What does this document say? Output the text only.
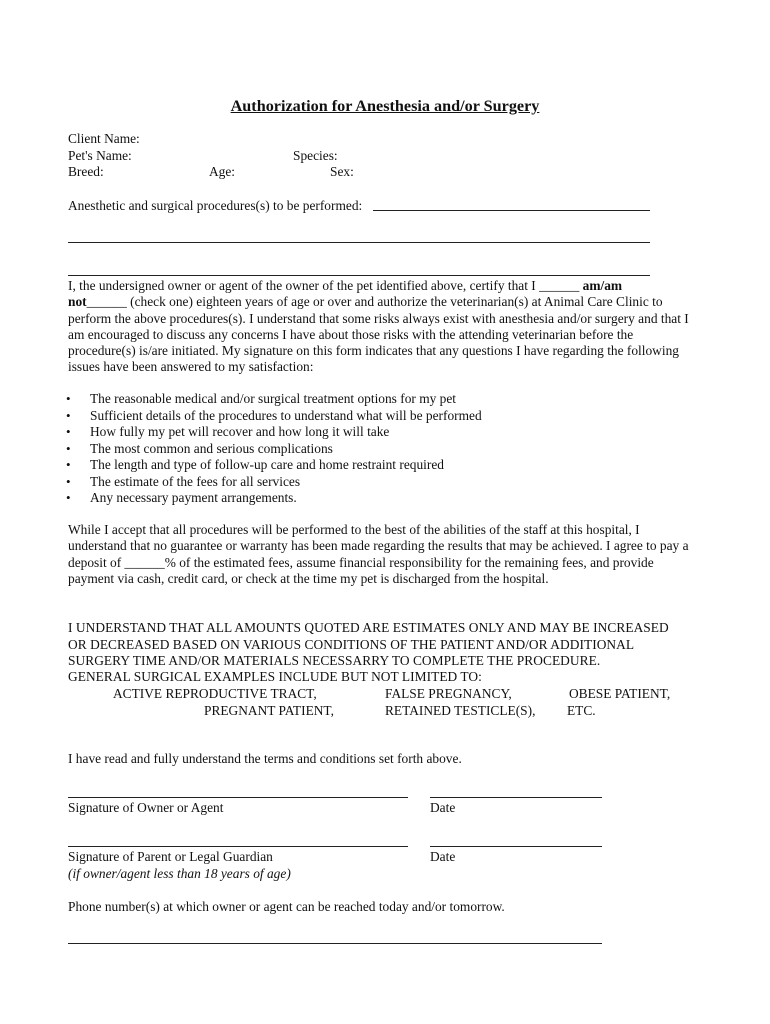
Authorization for Anesthesia and/or Surgery
Client Name:
Pet's Name:	Species:
Breed:	Age:	Sex:
Anesthetic and surgical procedures(s) to be performed:
I, the undersigned owner or agent of the owner of the pet identified above, certify that I ______ am/am
not______ (check one) eighteen years of age or over and authorize the veterinarian(s) at Animal Care Clinic to perform the above procedures(s). I understand that some risks always exist with anesthesia and/or surgery and that I am encouraged to discuss any concerns I have about those risks with the attending veterinarian before the procedure(s) is/are initiated. My signature on this form indicates that any questions I have regarding the following issues have been answered to my satisfaction:
• The reasonable medical and/or surgical treatment options for my pet
• Sufficient details of the procedures to understand what will be performed
• How fully my pet will recover and how long it will take
• The most common and serious complications
• The length and type of follow-up care and home restraint required
• The estimate of the fees for all services
• Any necessary payment arrangements.
While I accept that all procedures will be performed to the best of the abilities of the staff at this hospital, I understand that no guarantee or warranty has been made regarding the results that may be achieved. I agree to pay a deposit of ______% of the estimated fees, assume financial responsibility for the remaining fees, and provide payment via cash, credit card, or check at the time my pet is discharged from the hospital.
I UNDERSTAND THAT ALL AMOUNTS QUOTED ARE ESTIMATES ONLY AND MAY BE INCREASED
OR DECREASED BASED ON VARIOUS CONDITIONS OF THE PATIENT AND/OR ADDITIONAL
SURGERY TIME AND/OR MATERIALS NECESSARRY TO COMPLETE THE PROCEDURE.
GENERAL SURGICAL EXAMPLES INCLUDE BUT NOT LIMITED TO:
ACTIVE REPRODUCTIVE TRACT,	FALSE PREGNANCY,	OBESE PATIENT,
PREGNANT PATIENT,	RETAINED TESTICLE(S), ETC.
I have read and fully understand the terms and conditions set forth above.
Signature of Owner or Agent	Date
Signature of Parent or Legal Guardian	Date
(if owner/agent less than 18 years of age)
Phone number(s) at which owner or agent can be reached today and/or tomorrow.
